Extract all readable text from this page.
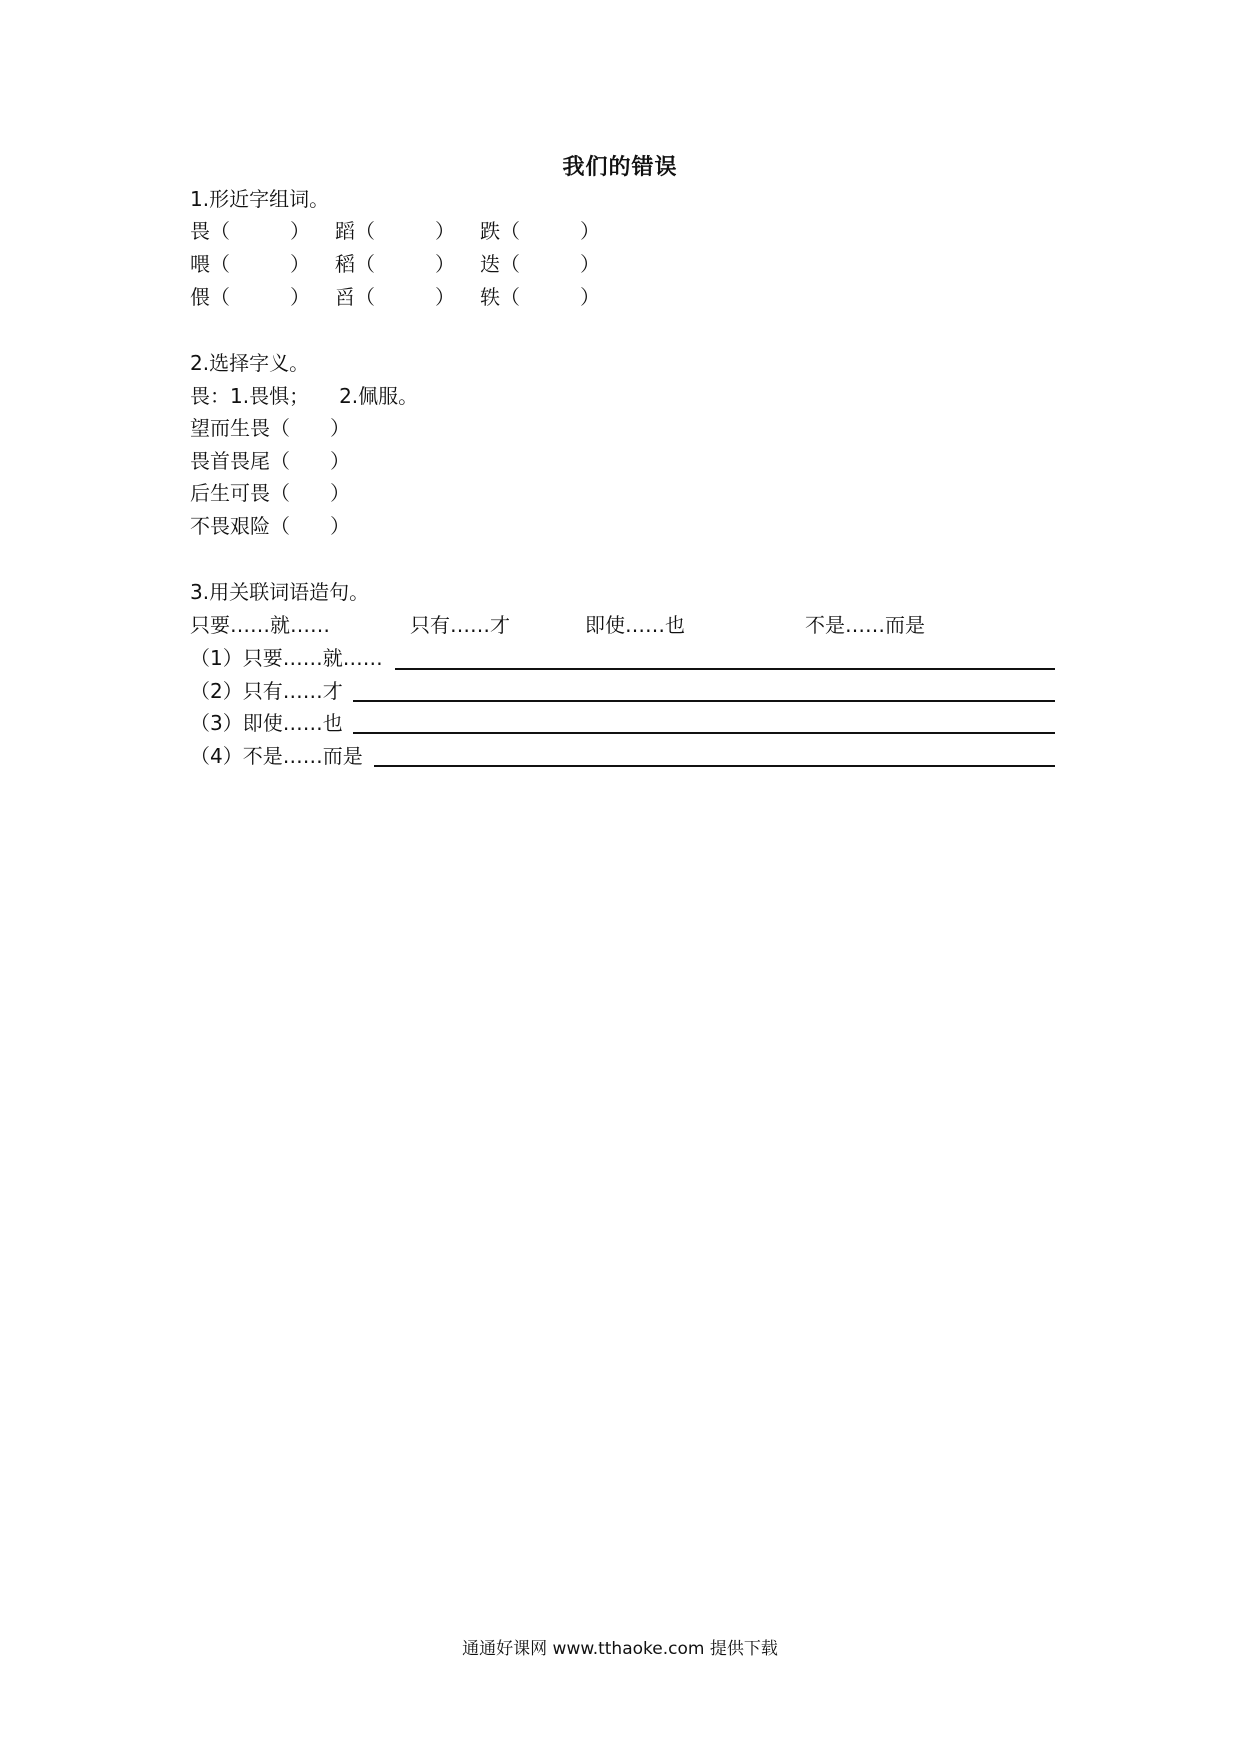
我们的错误
1.形近字组词。
畏（　　　） 蹈（　　　） 跌（　　　）
喂（　　　） 稻（　　　） 迭（　　　）
偎（　　　） 舀（　　　） 轶（　　　）
2.选择字义。
畏：1.畏惧；　　2.佩服。
望而生畏（　　）
畏首畏尾（　　）
后生可畏（　　）
不畏艰险（　　）
3.用关联词语造句。
只要……就……	只有……才	即使……也	不是……而是
（1）只要……就……
（2）只有……才
（3）即使……也
（4）不是……而是
通通好课网 www.tthaoke.com 提供下载
